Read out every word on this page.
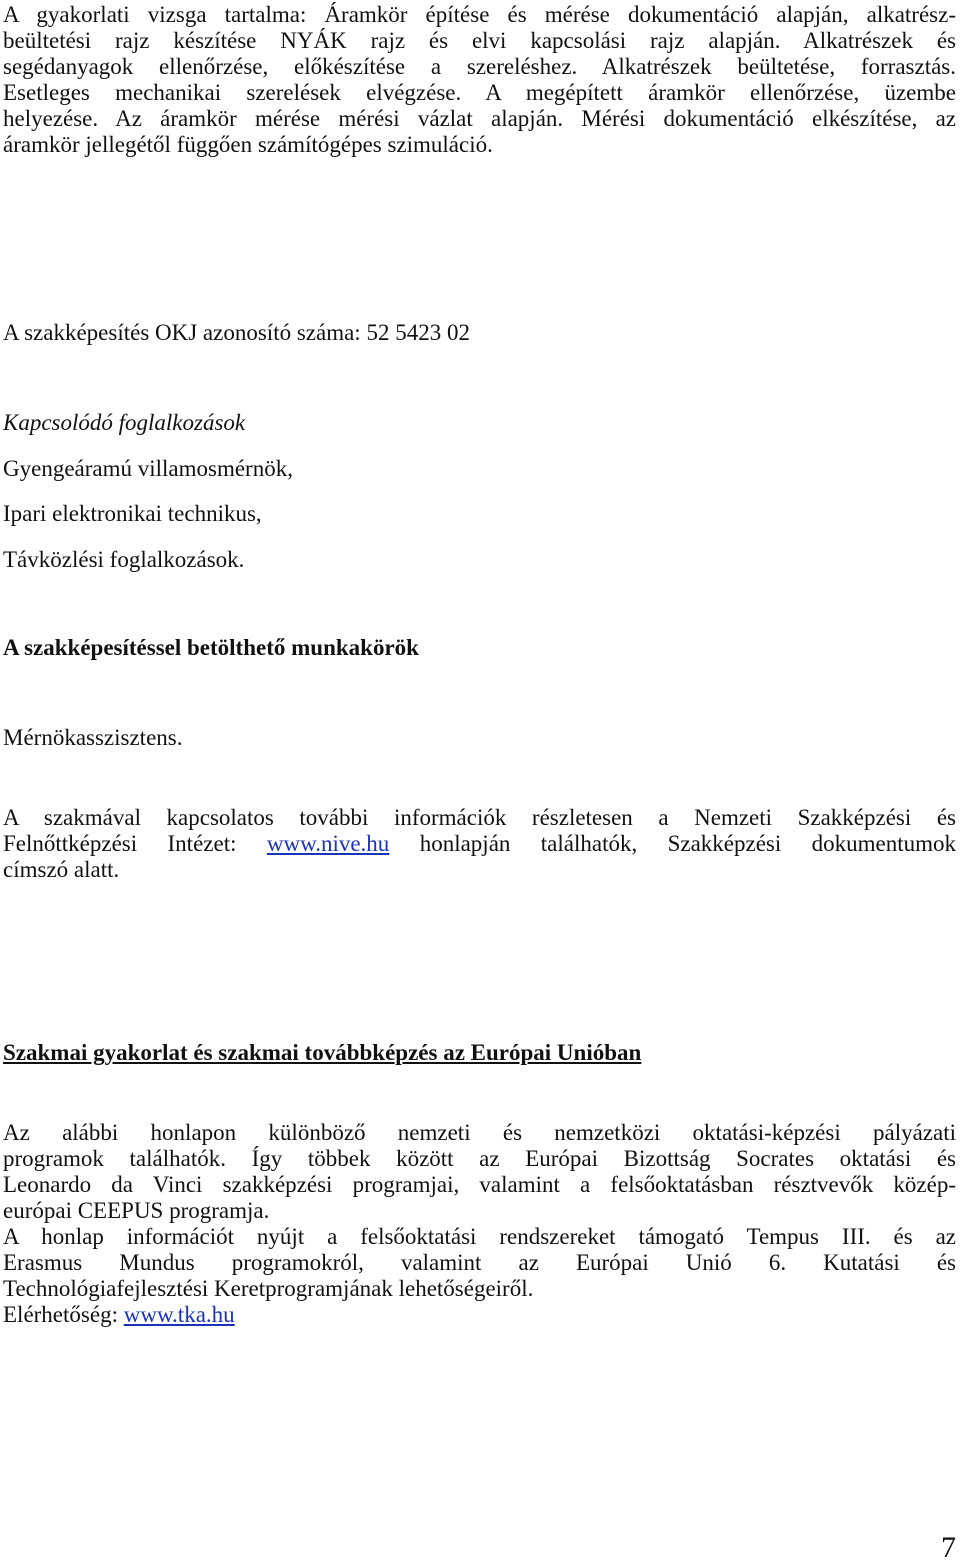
A gyakorlati vizsga tartalma: Áramkör építése és mérése dokumentáció alapján, alkatrész-
beültetési rajz készítése NYÁK rajz és elvi kapcsolási rajz alapján. Alkatrészek és
segédanyagok ellenőrzése, előkészítése a szereléshez. Alkatrészek beültetése, forrasztás.
Esetleges mechanikai szerelések elvégzése. A megépített áramkör ellenőrzése, üzembe
helyezése. Az áramkör mérése mérési vázlat alapján. Mérési dokumentáció elkészítése, az
áramkör jellegétől függően számítógépes szimuláció.

A szakképesítés OKJ azonosító száma: 52 5423 02

Kapcsolódó foglalkozások

Gyengeáramú villamosmérnök,

Ipari elektronikai technikus,

Távközlési foglalkozások.

A szakképesítéssel betölthető munkakörök

Mérnökasszisztens.

A szakmával kapcsolatos további információk részletesen a Nemzeti Szakképzési és
Felnőttképzési Intézet: www.nive.hu honlapján találhatók, Szakképzési dokumentumok
címszó alatt.

Szakmai gyakorlat és szakmai továbbképzés az Európai Unióban

Az alábbi honlapon különböző nemzeti és nemzetközi oktatási-képzési pályázati
programok találhatók. Így többek között az Európai Bizottság Socrates oktatási és
Leonardo da Vinci szakképzési programjai, valamint a felsőoktatásban résztvevők közép-
európai CEEPUS programja.
A honlap információt nyújt a felsőoktatási rendszereket támogató Tempus III. és az
Erasmus Mundus programokról, valamint az Európai Unió 6. Kutatási és
Technológiafejlesztési Keretprogramjának lehetőségeiről.
Elérhetőség: www.tka.hu
7
